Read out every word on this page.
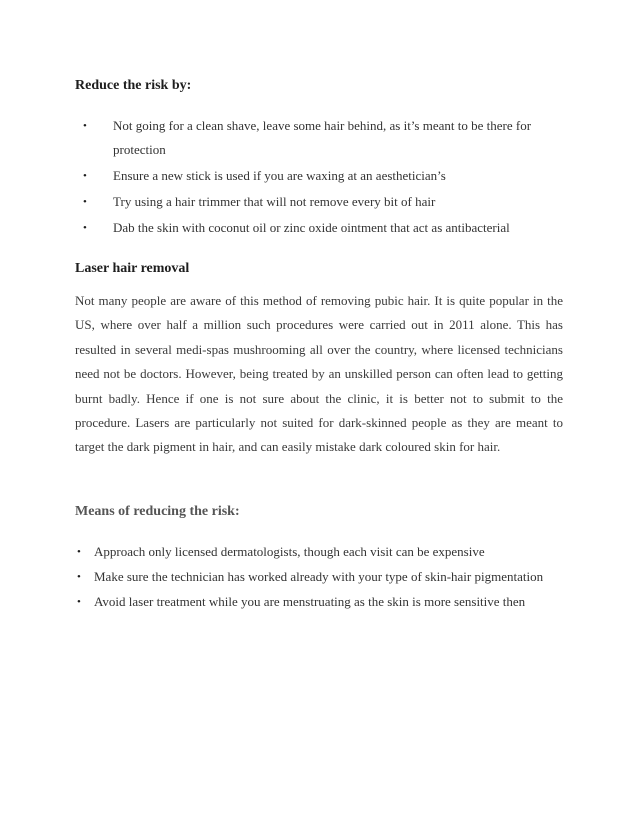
Reduce the risk by:
• Not going for a clean shave, leave some hair behind, as it’s meant to be there for protection
• Ensure a new stick is used if you are waxing at an aesthetician’s
• Try using a hair trimmer that will not remove every bit of hair
• Dab the skin with coconut oil or zinc oxide ointment that act as antibacterial
Laser hair removal

Not many people are aware of this method of removing pubic hair. It is quite popular in the US, where over half a million such procedures were carried out in 2011 alone. This has resulted in several medi-spas mushrooming all over the country, where licensed technicians need not be doctors. However, being treated by an unskilled person can often lead to getting burnt badly. Hence if one is not sure about the clinic, it is better not to submit to the procedure. Lasers are particularly not suited for dark-skinned people as they are meant to target the dark pigment in hair, and can easily mistake dark coloured skin for hair.

Means of reducing the risk:
• Approach only licensed dermatologists, though each visit can be expensive
• Make sure the technician has worked already with your type of skin-hair pigmentation
• Avoid laser treatment while you are menstruating as the skin is more sensitive then
